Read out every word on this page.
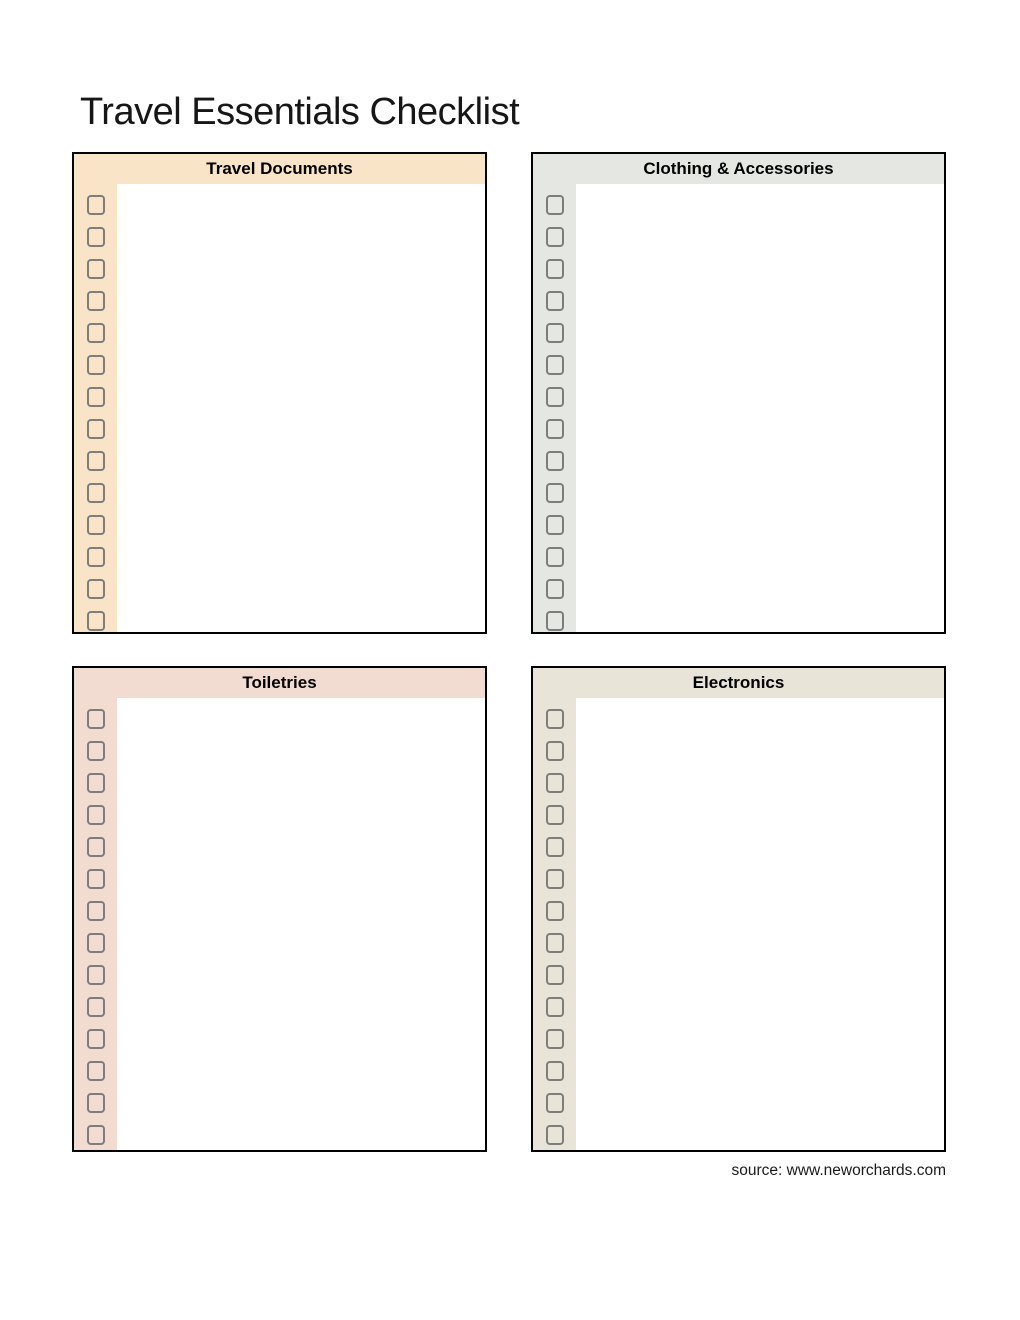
Travel Essentials Checklist
Travel Documents	Clothing & Accessories
Toiletries	Electronics
source: www.neworchards.com
